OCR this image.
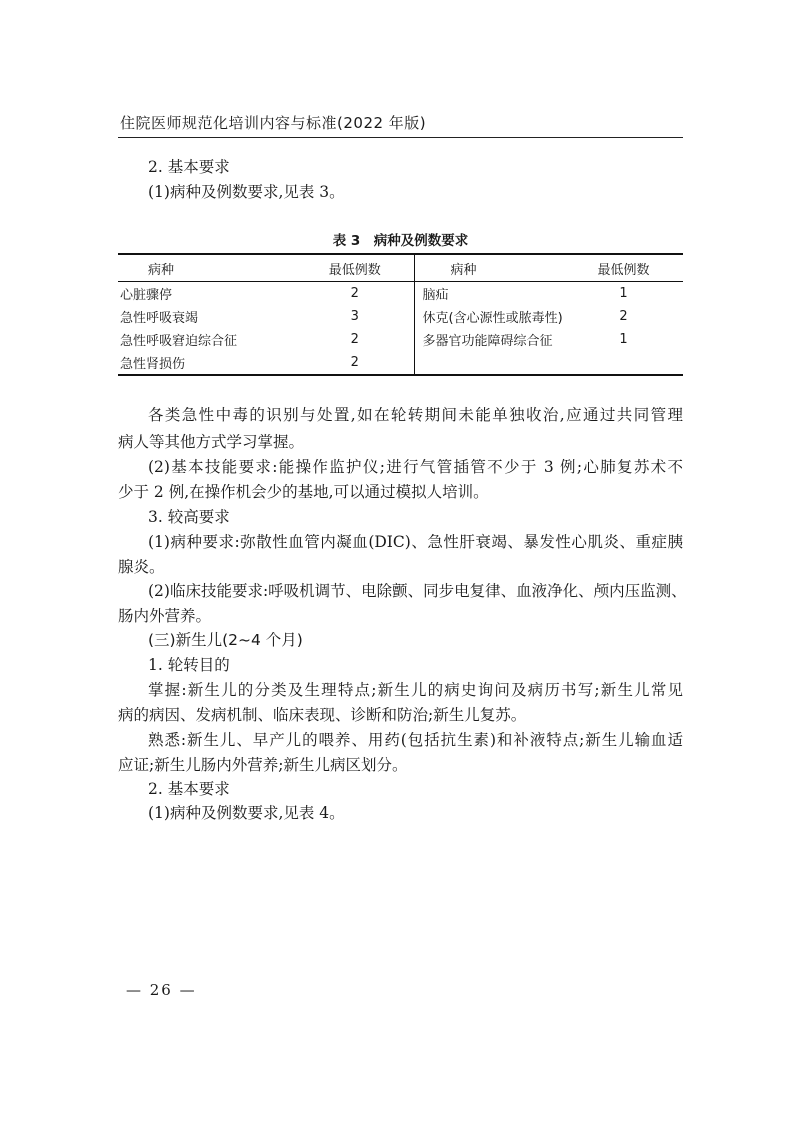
住院医师规范化培训内容与标准(2022 年版)

2. 基本要求

(1)病种及例数要求,见表 3。

表 3　病种及例数要求
病种	最低例数	病种	最低例数
心脏骤停	2	脑疝	1
急性呼吸衰竭	3	休克(含心源性或脓毒性)	2
急性呼吸窘迫综合征	2	多器官功能障碍综合征	1
急性肾损伤	2		

各类急性中毒的识别与处置,如在轮转期间未能单独收治,应通过共同管理

病人等其他方式学习掌握。

(2)基本技能要求:能操作监护仪;进行气管插管不少于 3 例;心肺复苏术不

少于 2 例,在操作机会少的基地,可以通过模拟人培训。

3. 较高要求

(1)病种要求:弥散性血管内凝血(DIC)、急性肝衰竭、暴发性心肌炎、重症胰

腺炎。

(2)临床技能要求:呼吸机调节、电除颤、同步电复律、血液净化、颅内压监测、

肠内外营养。

(三)新生儿(2~4 个月)

1. 轮转目的

掌握:新生儿的分类及生理特点;新生儿的病史询问及病历书写;新生儿常见

病的病因、发病机制、临床表现、诊断和防治;新生儿复苏。

熟悉:新生儿、早产儿的喂养、用药(包括抗生素)和补液特点;新生儿输血适

应证;新生儿肠内外营养;新生儿病区划分。

2. 基本要求

(1)病种及例数要求,见表 4。

— 26 —
